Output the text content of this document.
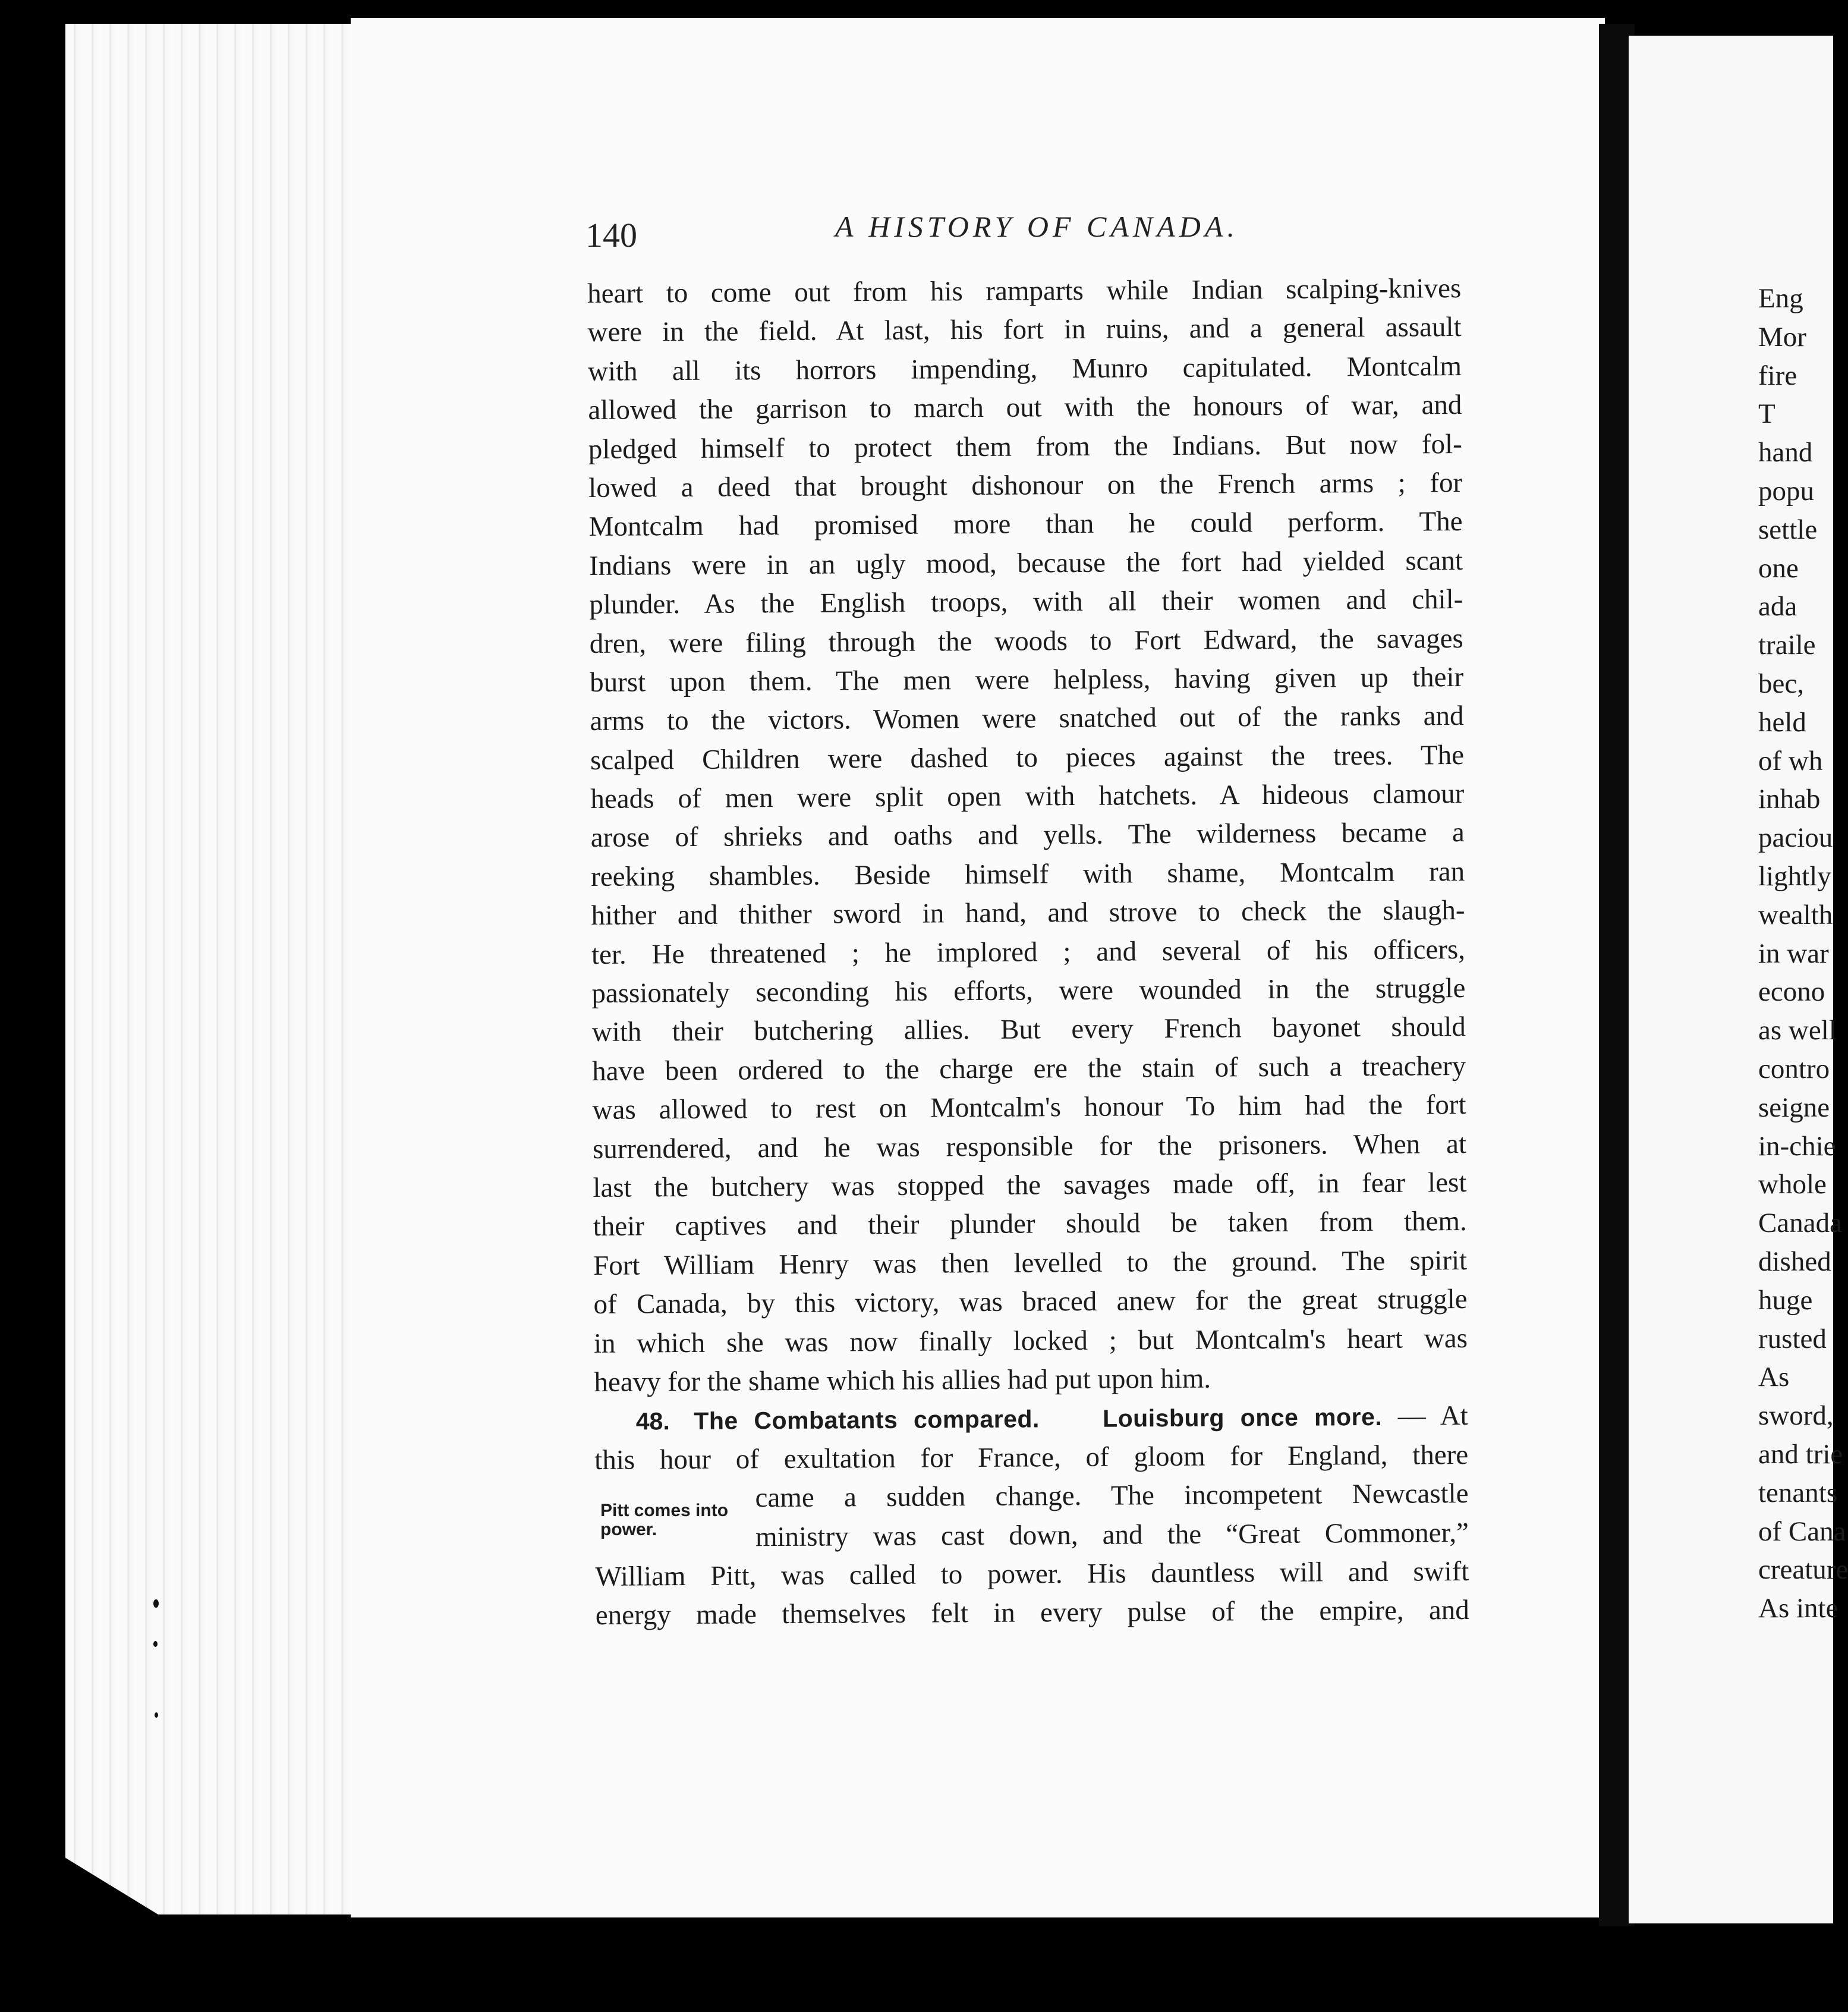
140	A HISTORY OF CANADA.
heart to come out from his ramparts while Indian scalping-knives
were in the field. At last, his fort in ruins, and a general assault
with all its horrors impending, Munro capitulated. Montcalm
allowed the garrison to march out with the honours of war, and
pledged himself to protect them from the Indians. But now fol-
lowed a deed that brought dishonour on the French arms ; for
Montcalm had promised more than he could perform. The
Indians were in an ugly mood, because the fort had yielded scant
plunder. As the English troops, with all their women and chil-
dren, were filing through the woods to Fort Edward, the savages
burst upon them. The men were helpless, having given up their
arms to the victors. Women were snatched out of the ranks and
scalped Children were dashed to pieces against the trees. The
heads of men were split open with hatchets. A hideous clamour
arose of shrieks and oaths and yells. The wilderness became a
reeking shambles. Beside himself with shame, Montcalm ran
hither and thither sword in hand, and strove to check the slaugh-
ter. He threatened ; he implored ; and several of his officers,
passionately seconding his efforts, were wounded in the struggle
with their butchering allies. But every French bayonet should
have been ordered to the charge ere the stain of such a treachery
was allowed to rest on Montcalm's honour To him had the fort
surrendered, and he was responsible for the prisoners. When at
last the butchery was stopped the savages made off, in fear lest
their captives and their plunder should be taken from them.
Fort William Henry was then levelled to the ground. The spirit
of Canada, by this victory, was braced anew for the great struggle
in which she was now finally locked ; but Montcalm's heart was
heavy for the shame which his allies had put upon him.
48. The Combatants compared.	Louisburg once more. — At
this hour of exultation for France, of gloom for England, there
came a sudden change. The incompetent Newcastle
ministry was cast down, and the “Great Commoner,”
William Pitt, was called to power. His dauntless will and swift
energy made themselves felt in every pulse of the empire, and
Pitt comes into power.
Eng
Mor
fire
T
hand
popu
settle
one
ada
traile
bec,
held
of wh
inhab
paciou
lightly
wealth
in war
econo
as well
contro
seigne
in-chie
whole
Canada
dished
huge
rusted
As
sword,
and trie
tenants
of Cana
creature
As inte
